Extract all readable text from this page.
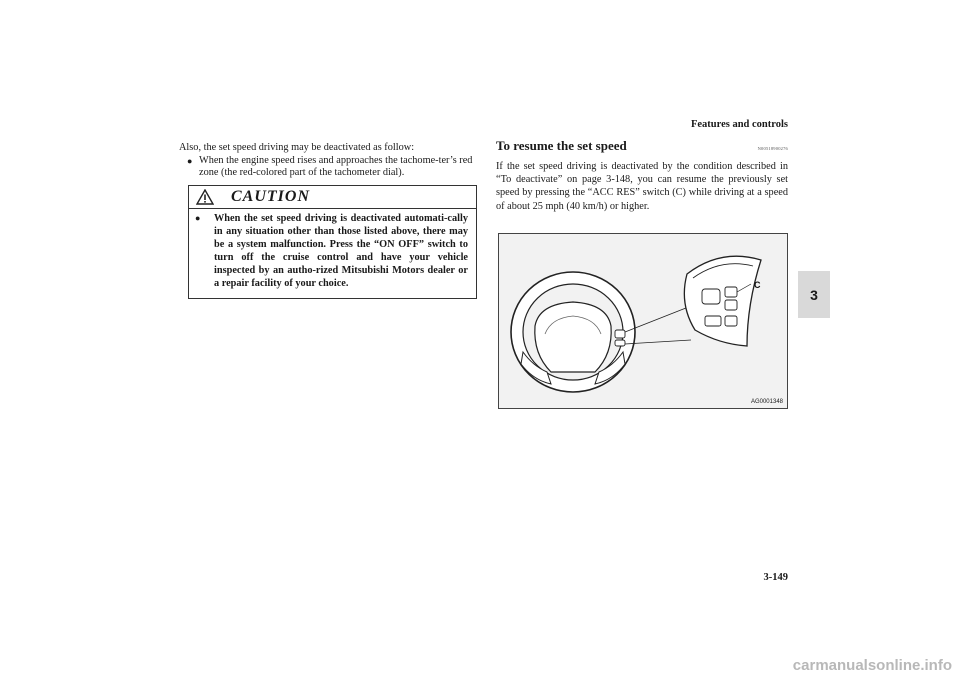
Features and controls
3

Also, the set speed driving may be deactivated as follow:

● When the engine speed rises and approaches the tachome-ter’s red zone (the red-colored part of the tachometer dial).
CAUTION
●	When the set speed driving is deactivated automati-cally in any situation other than those listed above, there may be a system malfunction. Press the “ON OFF” switch to turn off the cruise control and have your vehicle inspected by an autho-rized Mitsubishi Motors dealer or a repair facility of your choice.
To resume the set speed	N00518900276
If the set speed driving is deactivated by the condition described in “To deactivate” on page 3-148, you can resume the previously set speed by pressing the “ACC RES” switch (C) while driving at a speed of about 25 mph (40 km/h) or higher.
C
AG0001348
3-149
carmanualsonline.info
